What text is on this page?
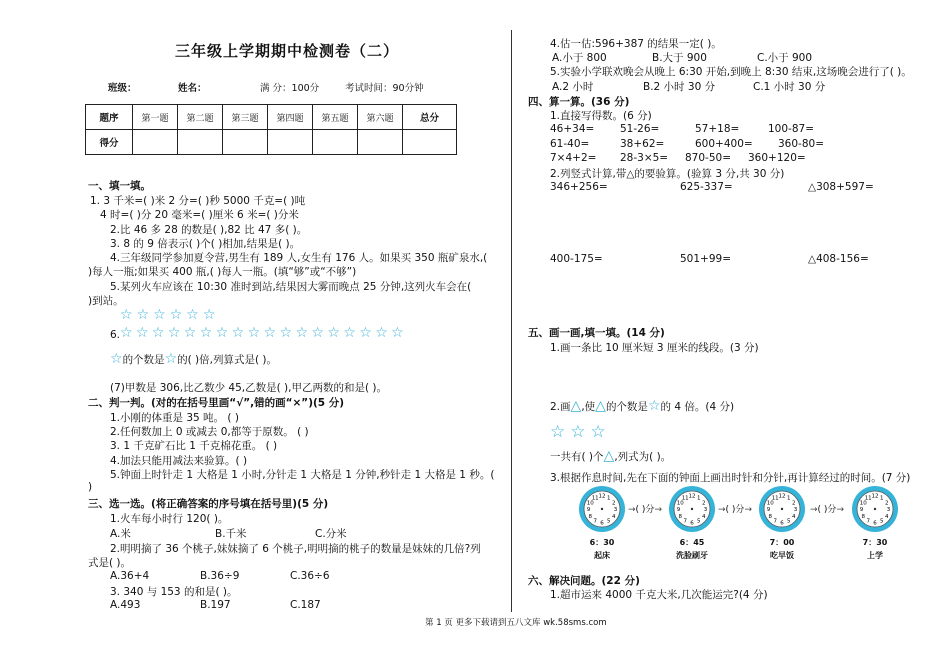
三年级上学期期中检测卷（二）
班级：	姓名：	满 分：100分	考试时间：90分钟
题序	第一题	第二题	第三题	第四题	第五题	第六题	总分
得分							
一、填一填。
1. 3 千米=( )米 2 分=( )秒 5000 千克=( )吨
4 时=( )分 20 毫米=( )厘米 6 米=( )分米
2.比 46 多 28 的数是( ),82 比 47 多( )。
3. 8 的 9 倍表示( )个( )相加,结果是( )。
4.三年级同学参加夏令营,男生有 189 人,女生有 176 人。如果买 350 瓶矿泉水,(
)每人一瓶;如果买 400 瓶,( )每人一瓶。(填“够”或“不够”)
5.某列火车应该在 10:30 准时到站,结果因大雾而晚点 25 分钟,这列火车会在(
)到站。
☆☆☆☆☆☆
6. ☆☆☆☆☆☆☆☆☆☆☆☆☆☆☆☆☆☆
☆的个数是☆的( )倍,列算式是( )。
(7)甲数是 306,比乙数少 45,乙数是( ),甲乙两数的和是( )。
二、判一判。(对的在括号里画“√”,错的画“×”)(5 分)
1.小刚的体重是 35 吨。 ( )
2.任何数加上 0 或减去 0,都等于原数。 ( )
3. 1 千克矿石比 1 千克棉花重。 ( )
4.加法只能用减法来验算。( )
5.钟面上时针走 1 大格是 1 小时,分针走 1 大格是 1 分钟,秒针走 1 大格是 1 秒。(
)
三、选一选。(将正确答案的序号填在括号里)(5 分)
1.火车每小时行 120( )。
A.米	B.千米	C.分米
2.明明摘了 36 个桃子,妹妹摘了 6 个桃子,明明摘的桃子的数量是妹妹的几倍?列
式是( )。
A.36+4	B.36÷9	C.36÷6
3. 340 与 153 的和是( )。
A.493	B.197	C.187
4.估一估:596+387 的结果一定( )。
A.小于 800	B.大于 900	C.小于 900
5.实验小学联欢晚会从晚上 6:30 开始,到晚上 8:30 结束,这场晚会进行了( )。
A.2 小时	B.2 小时 30 分	C.1 小时 30 分
四、算一算。(36 分)
1.直接写得数。(6 分)
46+34= 51-26=	57+18=	100-87=
61-40=	38+62=	600+400= 360-80=
7×4+2= 28-3×5= 870-50= 360+120=
2.列竖式计算,带△的要验算。(验算 3 分,共 30 分)
346+256=	625-337=	△308+597=
400-175=	501+99=	△408-156=
五、画一画,填一填。(14 分)
1.画一条比 10 厘米短 3 厘米的线段。(3 分)
2.画△,使△的个数是☆的 4 倍。(4 分)
☆☆☆
一共有( )个△,列式为( )。
3.根据作息时间,先在下面的钟面上画出时针和分针,再计算经过的时间。(7 分)
1
2
3
4
5
6
7
8
9
10
11 12
6：30
起床
1
2
3
4
5
6
7
8
9
10
11 12
6：45
洗脸刷牙
1
2
3
4
5
6
7
8
9
10
11 12
7：00
吃早饭
1
2
3
4
5
6
7
8
9
10
11 12
7：30
上学
→( )分→	→( )分→	→( )分→
六、解决问题。(22 分)
1.超市运来 4000 千克大米,几次能运完?(4 分)
第 1 页 更多下载请到五八文库 wk.58sms.com
